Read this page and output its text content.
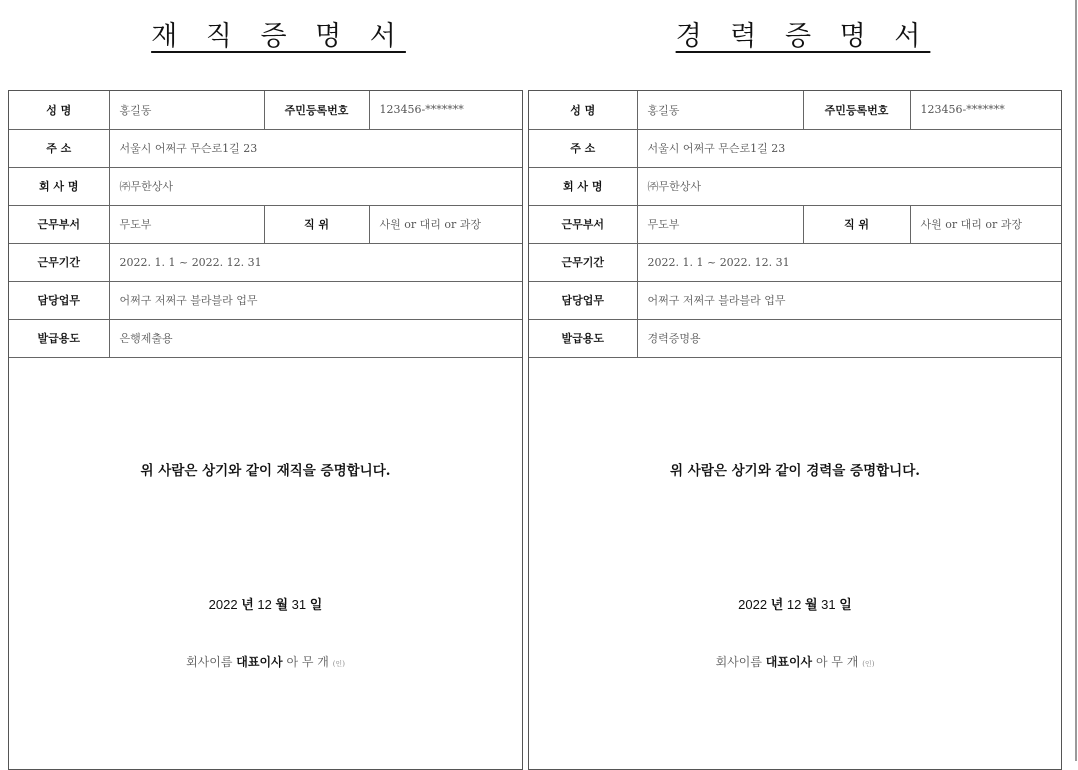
재 직 증 명 서
성 명	홍길동	주민등록번호	123456-*******
주 소	서울시 어쩌구 무슨로1길 23		
회 사 명	㈜무한상사		
근무부서	무도부	직 위	사원 or 대리 or 과장
근무기간	2022. 1. 1 ~ 2022. 12. 31		
담당업무	어쩌구 저쩌구 블라블라 업무		
발급용도	은행제출용		
위 사람은 상기와 같이 재직을 증명합니다.
2022 년 12 월 31 일
회사이름 대표이사 아 무 개 (인)
경 력 증 명 서
성 명	홍길동	주민등록번호	123456-*******
주 소	서울시 어쩌구 무슨로1길 23		
회 사 명	㈜무한상사		
근무부서	무도부	직 위	사원 or 대리 or 과장
근무기간	2022. 1. 1 ~ 2022. 12. 31		
담당업무	어쩌구 저쩌구 블라블라 업무		
발급용도	경력증명용		
위 사람은 상기와 같이 경력을 증명합니다.
2022 년 12 월 31 일
회사이름 대표이사 아 무 개 (인)
